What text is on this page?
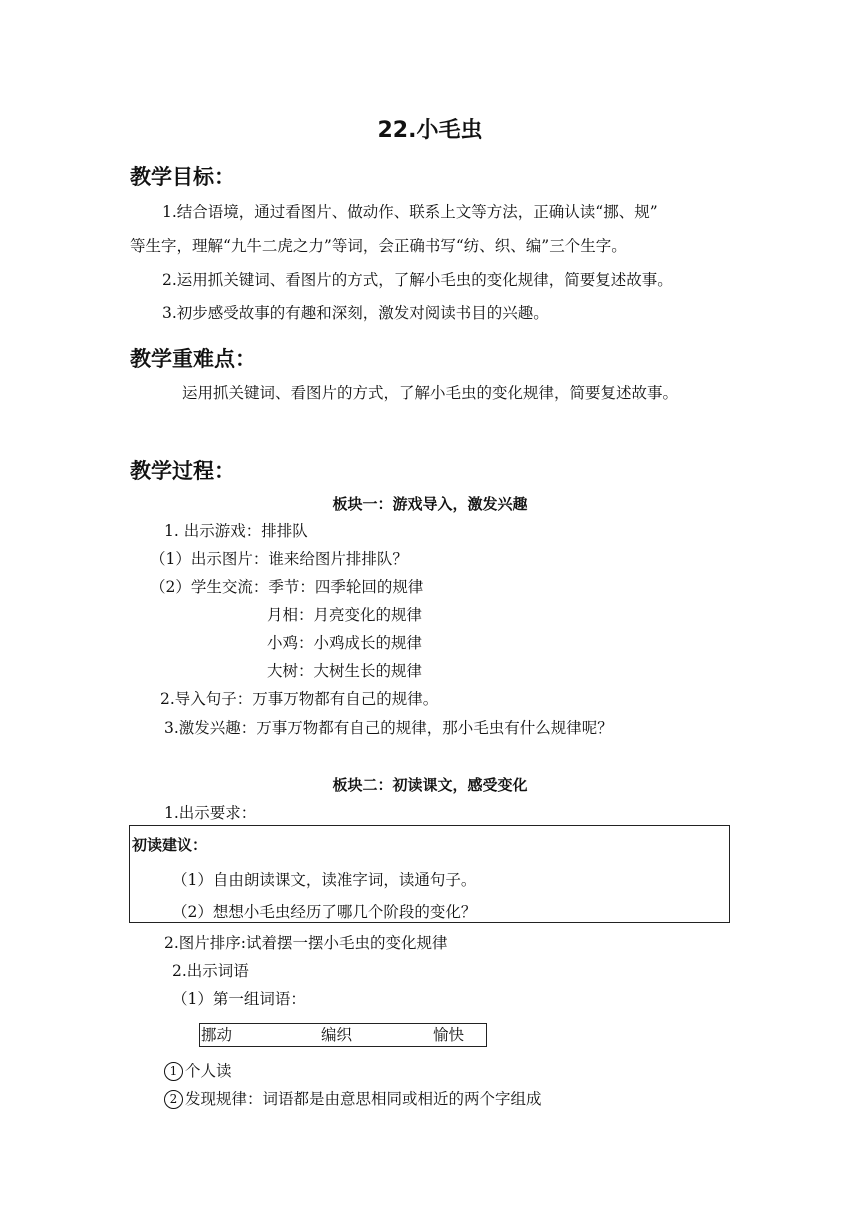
22.小毛虫
教学目标：
1.结合语境，通过看图片、做动作、联系上文等方法，正确认读“挪、规”
等生字，理解“九牛二虎之力”等词，会正确书写“纺、织、编”三个生字。
2.运用抓关键词、看图片的方式，了解小毛虫的变化规律，简要复述故事。
3.初步感受故事的有趣和深刻，激发对阅读书目的兴趣。
教学重难点：
运用抓关键词、看图片的方式，了解小毛虫的变化规律，简要复述故事。
教学过程：
板块一：游戏导入，激发兴趣
1. 出示游戏：排排队
（1）出示图片：谁来给图片排排队？
（2）学生交流：季节：四季轮回的规律
月相：月亮变化的规律
小鸡：小鸡成长的规律
大树：大树生长的规律
2.导入句子：万事万物都有自己的规律。
3.激发兴趣：万事万物都有自己的规律，那小毛虫有什么规律呢？
板块二：初读课文，感受变化
1.出示要求：
初读建议：
（1）自由朗读课文，读准字词，读通句子。
（2）想想小毛虫经历了哪几个阶段的变化？
2.图片排序:试着摆一摆小毛虫的变化规律
2.出示词语
（1）第一组词语：
挪动	编织	愉快
1 个人读
2 发现规律：词语都是由意思相同或相近的两个字组成
